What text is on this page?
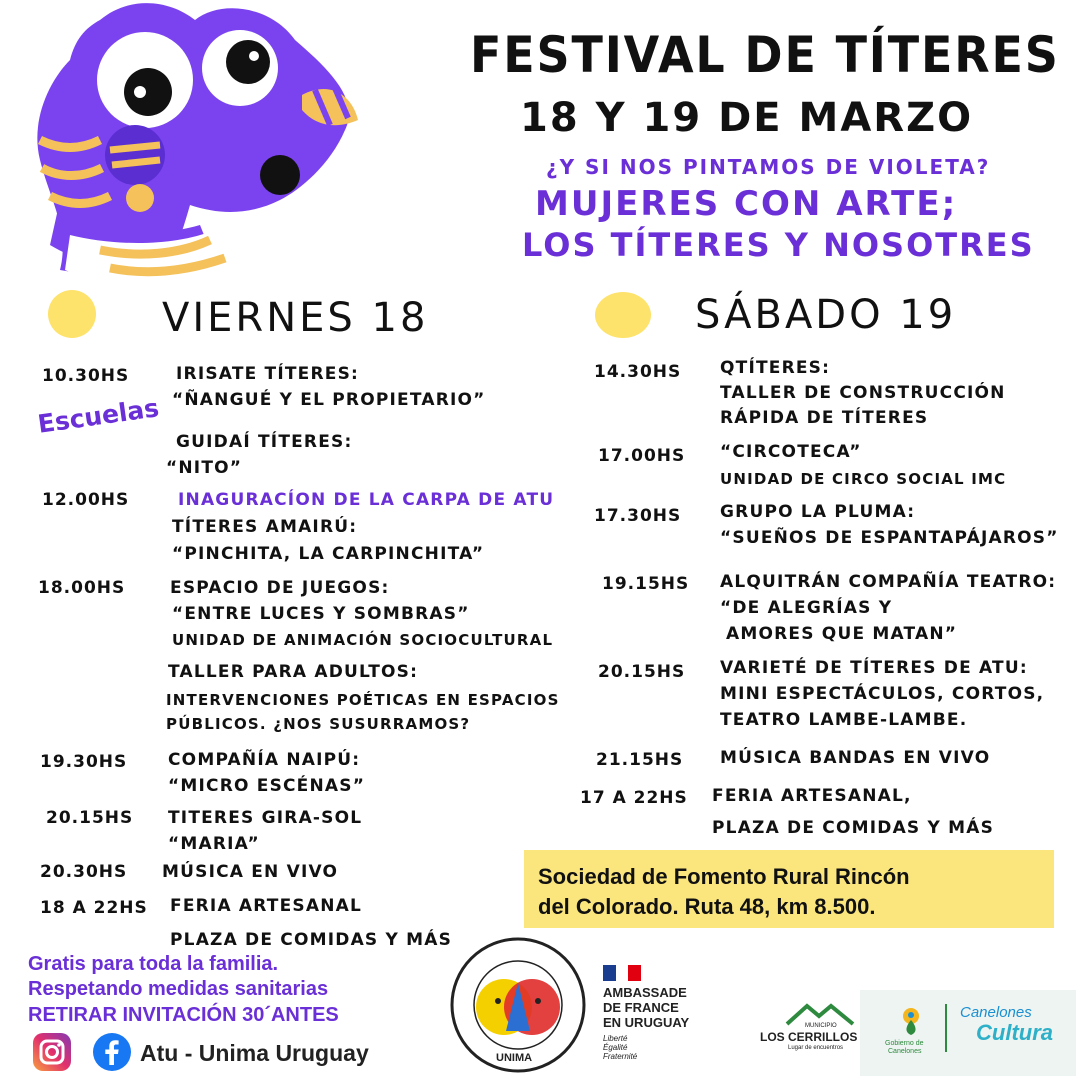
FESTIVAL DE TÍTERES
18 Y 19 DE MARZO
¿Y SI NOS PINTAMOS DE VIOLETA?
MUJERES CON ARTE;
LOS TÍTERES Y NOSOTRES
VIERNES 18	SÁBADO 19
Escuelas
10.30HS	IRISATE TÍTERES:
“ÑANGUÉ Y EL PROPIETARIO”
GUIDAÍ TÍTERES:
“NITO”
12.00HS	INAGURACÍON DE LA CARPA DE ATU
TÍTERES AMAIRÚ:
“PINCHITA, LA CARPINCHITA”
18.00HS	ESPACIO DE JUEGOS:
“ENTRE LUCES Y SOMBRAS”
UNIDAD DE ANIMACIÓN SOCIOCULTURAL
TALLER PARA ADULTOS:
INTERVENCIONES POÉTICAS EN ESPACIOS
PÚBLICOS. ¿NOS SUSURRAMOS?
19.30HS COMPAÑÍA NAIPÚ:
“MICRO ESCÉNAS”
20.15HS TITERES GIRA-SOL
“MARIA”
20.30HS MÚSICA EN VIVO
18 A 22HS FERIA ARTESANAL
PLAZA DE COMIDAS Y MÁS
14.30HS QTÍTERES:
TALLER DE CONSTRUCCIÓN
RÁPIDA DE TÍTERES
17.00HS “CIRCOTECA”
UNIDAD DE CIRCO SOCIAL IMC
17.30HS GRUPO LA PLUMA:
“SUEÑOS DE ESPANTAPÁJAROS”
19.15HS ALQUITRÁN COMPAÑÍA TEATRO:
“DE ALEGRÍAS Y
AMORES QUE MATAN”
20.15HS VARIETÉ DE TÍTERES DE ATU:
MINI ESPECTÁCULOS, CORTOS,
TEATRO LAMBE-LAMBE.
21.15HS MÚSICA BANDAS EN VIVO
17 A 22HS FERIA ARTESANAL,
PLAZA DE COMIDAS Y MÁS
Sociedad de Fomento Rural Rincón
del Colorado. Ruta 48, km 8.500.
Gratis para toda la familia.
Respetando medidas sanitarias
RETIRAR INVITACIÓN 30´ANTES
Atu - Unima Uruguay	UNIMA
AMBASSADE
DE FRANCE
EN URUGUAY
Liberté
Égalité
Fraternité
MUNICIPIO
LOS CERRILLOS
Lugar de encuentros
Gobierno de
Canelones
Canelones
Cultura
